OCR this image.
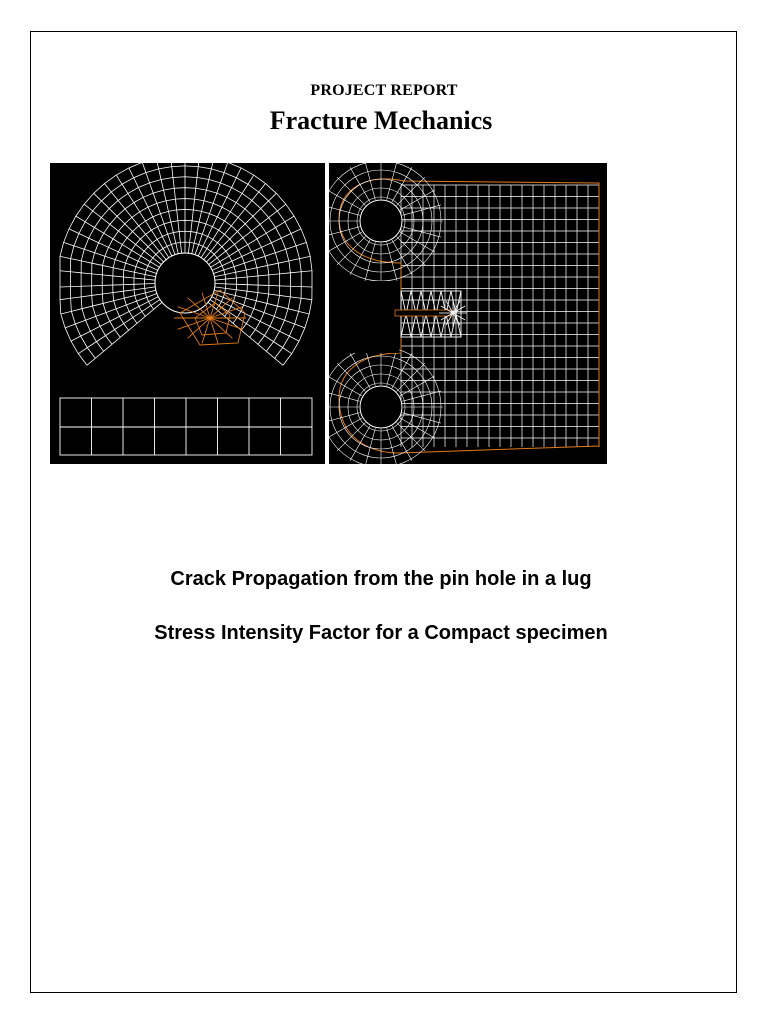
PROJECT REPORT
Fracture Mechanics
Crack Propagation from the pin hole in a lug
Stress Intensity Factor for a Compact specimen
